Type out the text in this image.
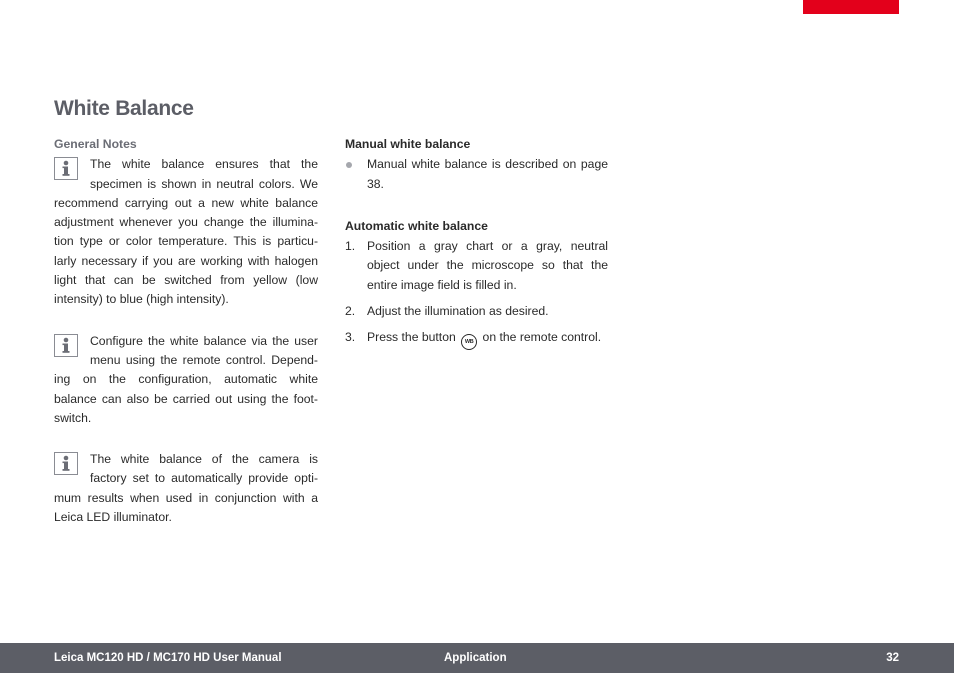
White Balance
General Notes

The white balance ensures that the specimen is shown in neutral colors. We recommend carrying out a new white balance adjustment whenever you change the illumina-tion type or color temperature. This is particu-larly necessary if you are working with halogen light that can be switched from yellow (low intensity) to blue (high intensity).

Configure the white balance via the user menu using the remote control. Depend-ing on the configuration, automatic white balance can also be carried out using the foot-switch.

The white balance of the camera is factory set to automatically provide opti-mum results when used in conjunction with a Leica LED illuminator.

Manual white balance
Manual white balance is described on page 38.
Automatic white balance
1. Position a gray chart or a gray, neutral object under the microscope so that the entire image field is filled in.
2. Adjust the illumination as desired.
3. Press the button WB on the remote control.
Leica MC120 HD / MC170 HD User Manual	Application	32
